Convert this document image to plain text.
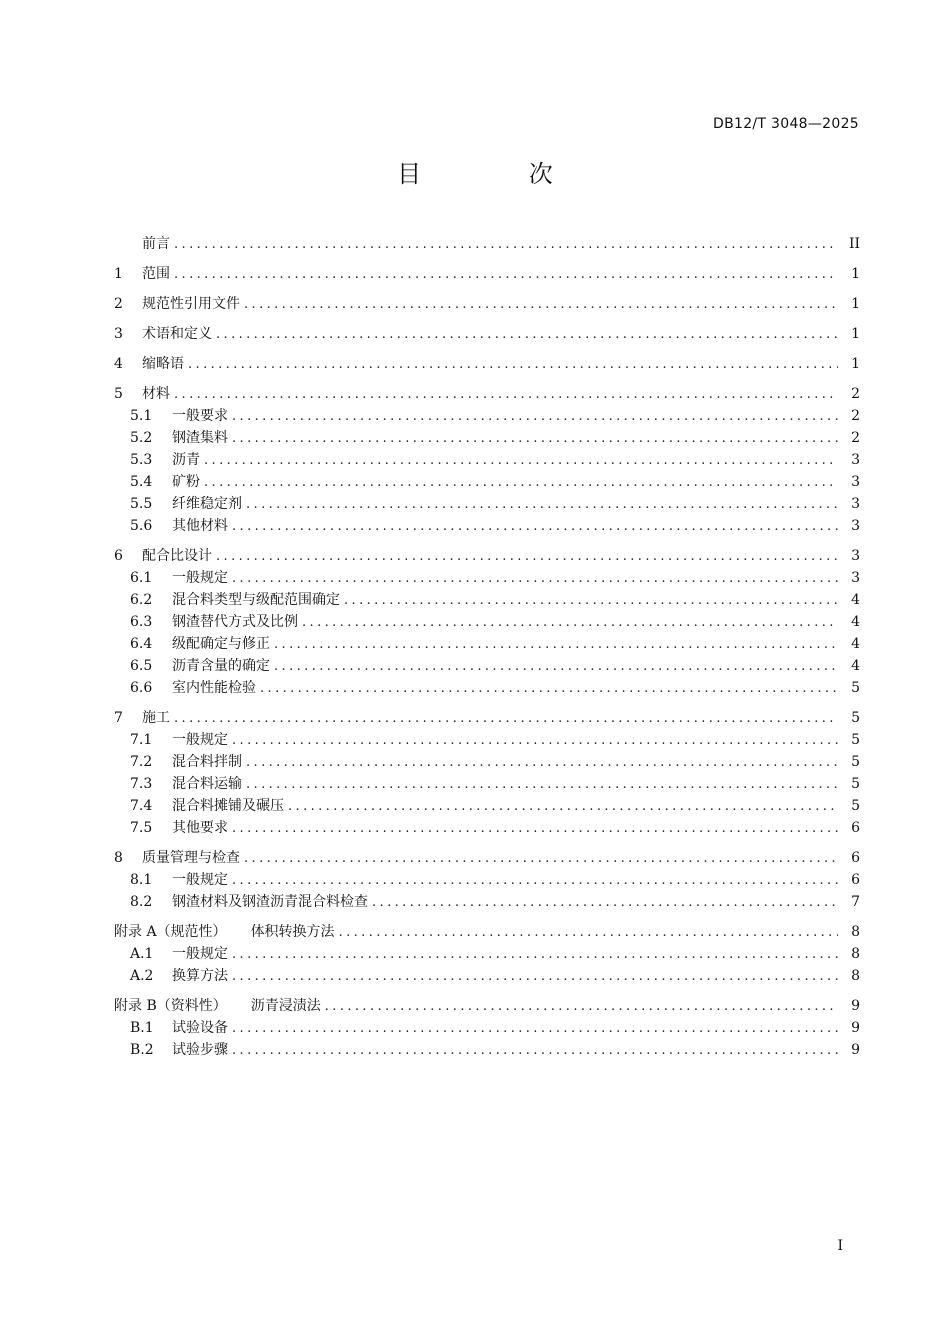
DB12/T 3048—2025
目 次
前言 .....	II
1	范围 .....	1
2	规范性引用文件 .....	1
3	术语和定义 .....	1
4	缩略语 .....	1
5	材料 .....	2
5.1	一般要求 .....	2
5.2	钢渣集料 .....	2
5.3	沥青 .....	3
5.4	矿粉 .....	3
5.5	纤维稳定剂 .....	3
5.6	其他材料 .....	3
6	配合比设计 .....	3
6.1	一般规定 .....	3
6.2	混合料类型与级配范围确定 .....	4
6.3	钢渣替代方式及比例 .....	4
6.4	级配确定与修正 .....	4
6.5	沥青含量的确定 .....	4
6.6	室内性能检验 .....	5
7	施工 .....	5
7.1	一般规定 .....	5
7.2	混合料拌制 .....	5
7.3	混合料运输 .....	5
7.4	混合料摊铺及碾压 .....	5
7.5	其他要求 .....	6
8	质量管理与检查 .....	6
8.1	一般规定 .....	6
8.2	钢渣材料及钢渣沥青混合料检查 .....	7
附录 A（规范性） 体积转换方法 .....	8
A.1	一般规定 .....	8
A.2	换算方法 .....	8
附录 B（资料性） 沥青浸渍法 .....	9
B.1	试验设备 .....	9
B.2	试验步骤 .....	9
I
